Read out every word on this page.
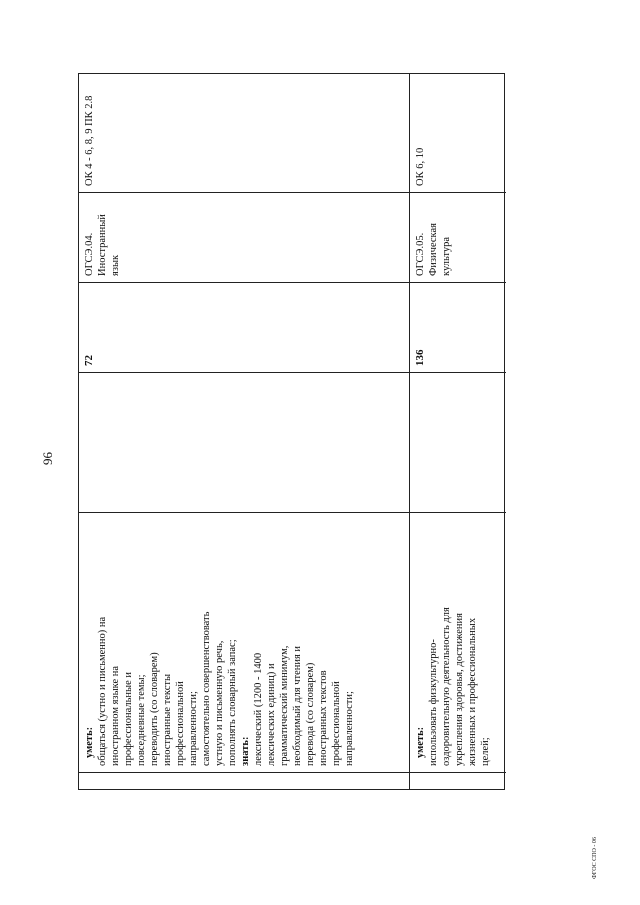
96
уметь: общаться (устно и письменно) на иностранном языке на профессиональные и повседневные темы; переводить (со словарем) иностранные тексты профессиональной направленности; самостоятельно совершенствовать устную и письменную речь, пополнять словарный запас; знать: лексический (1200 - 1400 лексических единиц) и грамматический минимум, необходимый для чтения и перевода (со словарем) иностранных текстов профессиональной направленности;
72
ОГСЭ.04. Иностранный язык
ОК 4 - 6, 8, 9 ПК 2.8
уметь: использовать физкультурно- оздоровительную деятельность для укрепления здоровья, достижения жизненных и профессиональных целей;
136
ОГСЭ.05. Физическая культура
ОК 6, 10
ФГОС СПО - 06
